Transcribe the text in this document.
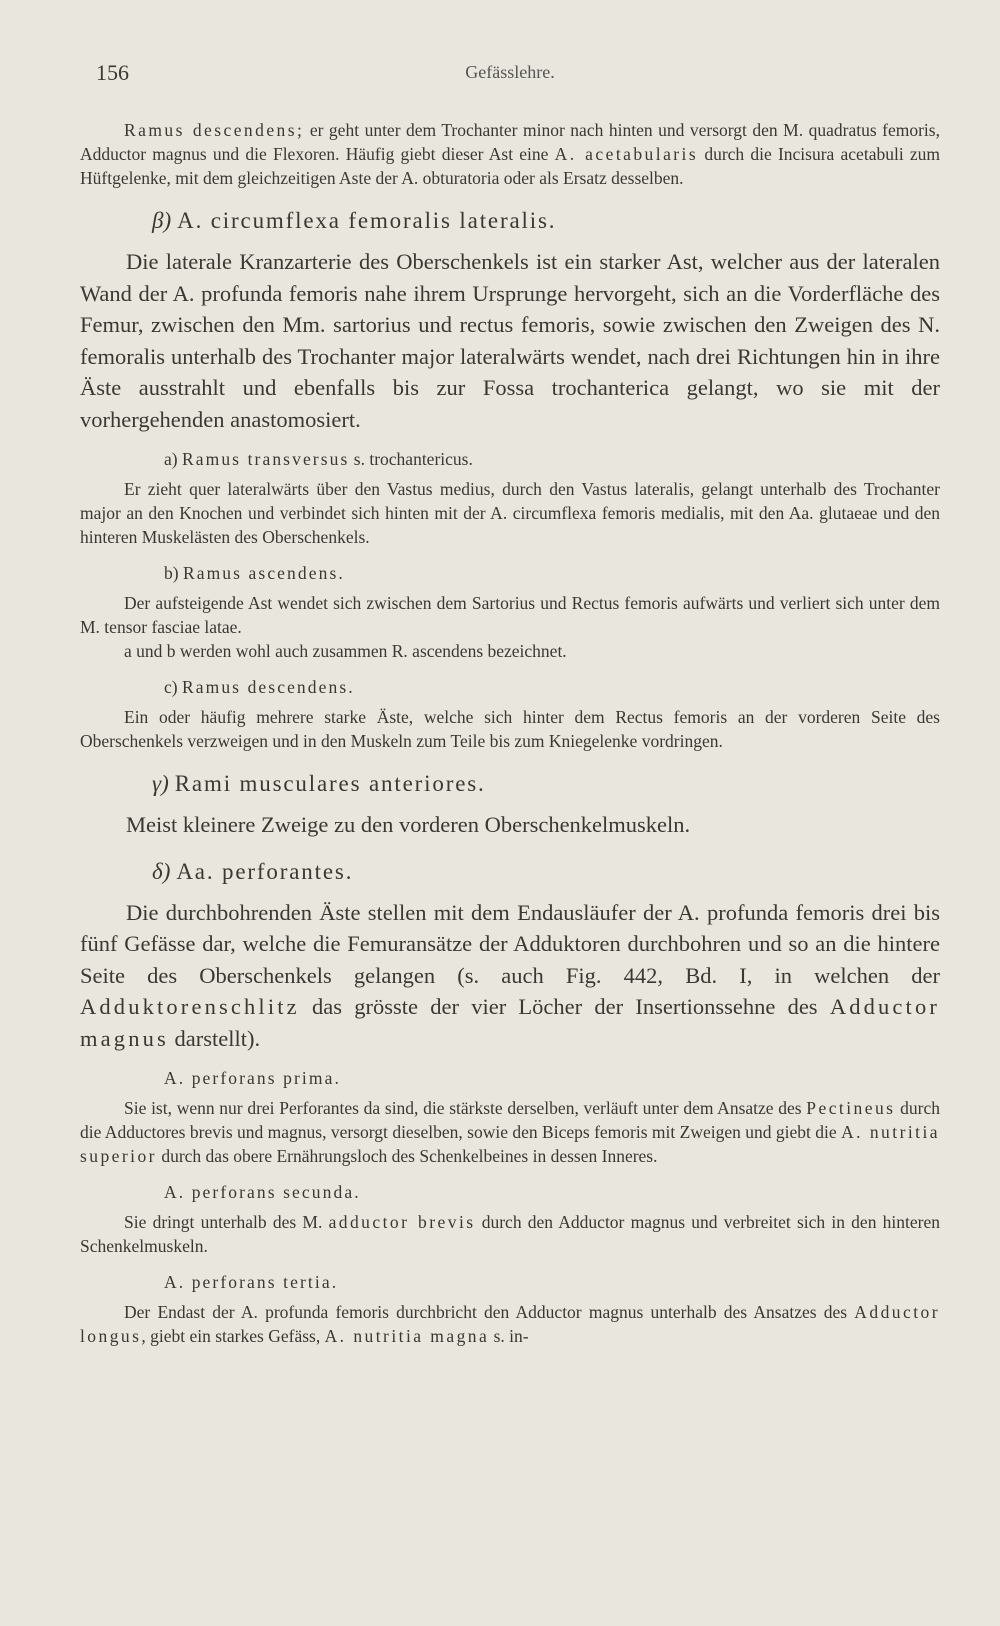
156	Gefässlehre.

Ramus descendens; er geht unter dem Trochanter minor nach hinten und versorgt den M. quadratus femoris, Adductor magnus und die Flexoren. Häufig giebt dieser Ast eine A. acetabularis durch die Incisura acetabuli zum Hüftgelenke, mit dem gleichzeitigen Aste der A. obturatoria oder als Ersatz desselben.

β) A. circumflexa femoralis lateralis.

Die laterale Kranzarterie des Oberschenkels ist ein starker Ast, welcher aus der lateralen Wand der A. profunda femoris nahe ihrem Ursprunge hervorgeht, sich an die Vorderfläche des Femur, zwischen den Mm. sartorius und rectus femoris, sowie zwischen den Zweigen des N. femoralis unterhalb des Trochanter major lateralwärts wendet, nach drei Richtungen hin in ihre Äste ausstrahlt und ebenfalls bis zur Fossa trochanterica gelangt, wo sie mit der vorhergehenden anastomosiert.

a) Ramus transversus s. trochantericus.

Er zieht quer lateralwärts über den Vastus medius, durch den Vastus lateralis, gelangt unterhalb des Trochanter major an den Knochen und verbindet sich hinten mit der A. circumflexa femoris medialis, mit den Aa. glutaeae und den hinteren Muskelästen des Oberschenkels.

b) Ramus ascendens.

Der aufsteigende Ast wendet sich zwischen dem Sartorius und Rectus femoris aufwärts und verliert sich unter dem M. tensor fasciae latae.

a und b werden wohl auch zusammen R. ascendens bezeichnet.

c) Ramus descendens.

Ein oder häufig mehrere starke Äste, welche sich hinter dem Rectus femoris an der vorderen Seite des Oberschenkels verzweigen und in den Muskeln zum Teile bis zum Kniegelenke vordringen.

γ) Rami musculares anteriores.

Meist kleinere Zweige zu den vorderen Oberschenkelmuskeln.

δ) Aa. perforantes.

Die durchbohrenden Äste stellen mit dem Endausläufer der A. profunda femoris drei bis fünf Gefässe dar, welche die Femuransätze der Adduktoren durchbohren und so an die hintere Seite des Oberschenkels gelangen (s. auch Fig. 442, Bd. I, in welchen der Adduktorenschlitz das grösste der vier Löcher der Insertionssehne des Adductor magnus darstellt).

A. perforans prima.

Sie ist, wenn nur drei Perforantes da sind, die stärkste derselben, verläuft unter dem Ansatze des Pectineus durch die Adductores brevis und magnus, versorgt dieselben, sowie den Biceps femoris mit Zweigen und giebt die A. nutritia superior durch das obere Ernährungsloch des Schenkelbeines in dessen Inneres.

A. perforans secunda.

Sie dringt unterhalb des M. adductor brevis durch den Adductor magnus und verbreitet sich in den hinteren Schenkelmuskeln.

A. perforans tertia.

Der Endast der A. profunda femoris durchbricht den Adductor magnus unterhalb des Ansatzes des Adductor longus, giebt ein starkes Gefäss, A. nutritia magna s. in-
